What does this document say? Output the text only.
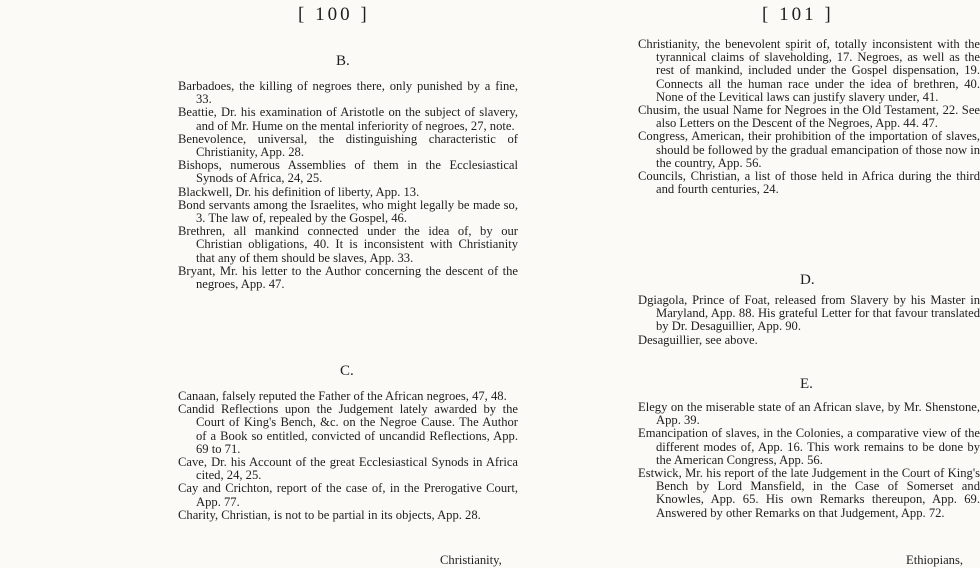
[ 100 ]
B.

Barbadoes, the killing of negroes there, only punished by a fine, 33.

Beattie, Dr. his examination of Aristotle on the subject of slavery, and of Mr. Hume on the mental inferiority of negroes, 27, note.

Benevolence, universal, the distinguishing characteristic of Christianity, App. 28.

Bishops, numerous Assemblies of them in the Ecclesiastical Synods of Africa, 24, 25.

Blackwell, Dr. his definition of liberty, App. 13.

Bond servants among the Israelites, who might legally be made so, 3. The law of, repealed by the Gospel, 46.

Brethren, all mankind connected under the idea of, by our Christian obligations, 40. It is inconsistent with Christianity that any of them should be slaves, App. 33.

Bryant, Mr. his letter to the Author concerning the descent of the negroes, App. 47.

C.

Canaan, falsely reputed the Father of the African negroes, 47, 48.

Candid Reflections upon the Judgement lately awarded by the Court of King's Bench, &c. on the Negroe Cause. The Author of a Book so entitled, convicted of uncandid Reflections, App. 69 to 71.

Cave, Dr. his Account of the great Ecclesiastical Synods in Africa cited, 24, 25.

Cay and Crichton, report of the case of, in the Prerogative Court, App. 77.

Charity, Christian, is not to be partial in its objects, App. 28.

Christianity,
[ 101 ]

Christianity, the benevolent spirit of, totally inconsistent with the tyrannical claims of slaveholding, 17. Negroes, as well as the rest of mankind, included under the Gospel dispensation, 19. Connects all the human race under the idea of brethren, 40. None of the Levitical laws can justify slavery under, 41.

Chusim, the usual Name for Negroes in the Old Testament, 22. See also Letters on the Descent of the Negroes, App. 44. 47.

Congress, American, their prohibition of the importation of slaves, should be followed by the gradual emancipation of those now in the country, App. 56.

Councils, Christian, a list of those held in Africa during the third and fourth centuries, 24.

D.

Dgiagola, Prince of Foat, released from Slavery by his Master in Maryland, App. 88. His grateful Letter for that favour translated by Dr. Desaguillier, App. 90.

Desaguillier, see above.

E.

Elegy on the miserable state of an African slave, by Mr. Shenstone, App. 39.

Emancipation of slaves, in the Colonies, a comparative view of the different modes of, App. 16. This work remains to be done by the American Congress, App. 56.

Estwick, Mr. his report of the late Judgement in the Court of King's Bench by Lord Mansfield, in the Case of Somerset and Knowles, App. 65. His own Remarks thereupon, App. 69. Answered by other Remarks on that Judgement, App. 72.

Ethiopians,
